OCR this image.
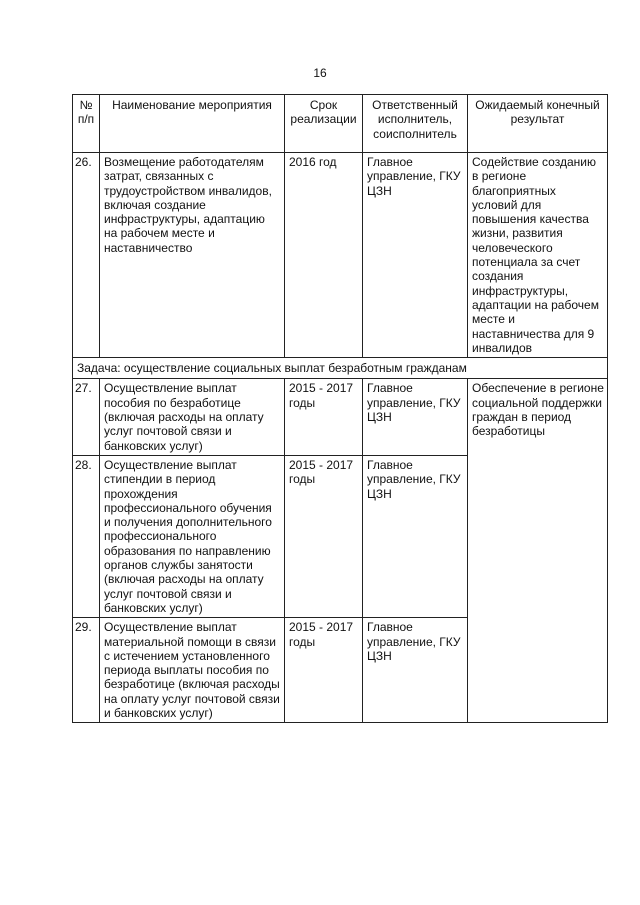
16
№ п/п	Наименование мероприятия	Срок реализации	Ответственный исполнитель, соисполнитель	Ожидаемый конечный результат
26.	Возмещение работодателям затрат, связанных с трудоустройством инвалидов, включая создание инфраструктуры, адаптацию на рабочем месте и наставничество	2016 год	Главное управление, ГКУ ЦЗН	Содействие созданию в регионе благоприятных условий для повышения качества жизни, развития человеческого потенциала за счет создания инфраструктуры, адаптации на рабочем месте и наставничества для 9 инвалидов
Задача: осуществление социальных выплат безработным гражданам				
27.	Осуществление выплат пособия по безработице (включая расходы на оплату услуг почтовой связи и банковских услуг)	2015 - 2017 годы	Главное управление, ГКУ ЦЗН	Обеспечение в регионе социальной поддержки граждан в период безработицы
28.	Осуществление выплат стипендии в период прохождения профессионального обучения и получения дополнительного профессионального образования по направлению органов службы занятости (включая расходы на оплату услуг почтовой связи и банковских услуг)	2015 - 2017 годы	Главное управление, ГКУ ЦЗН	
29.	Осуществление выплат материальной помощи в связи с истечением установленного периода выплаты пособия по безработице (включая расходы на оплату услуг почтовой связи и банковских услуг)	2015 - 2017 годы	Главное управление, ГКУ ЦЗН	
